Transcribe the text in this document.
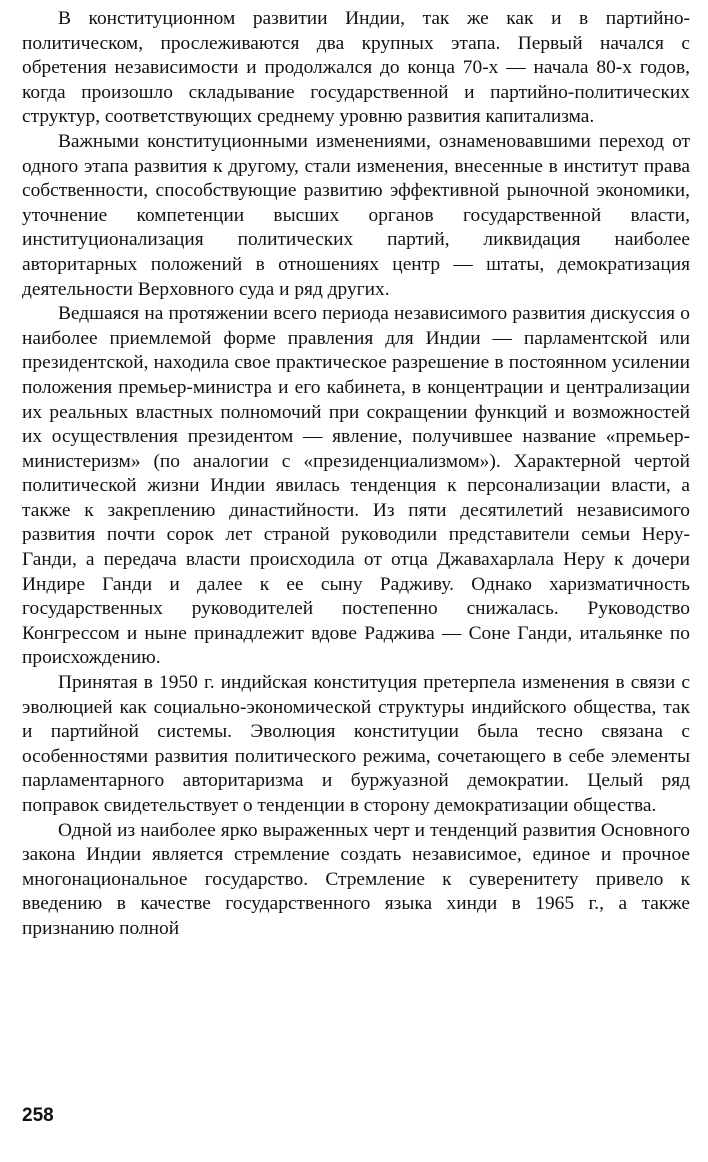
В конституционном развитии Индии, так же как и в партийно-политическом, прослеживаются два крупных этапа. Первый начался с обретения независимости и продолжался до конца 70-х — начала 80-х годов, когда произошло складывание государственной и партийно-политических структур, соответствующих среднему уровню развития капитализма.

Важными конституционными изменениями, ознаменовавшими переход от одного этапа развития к другому, стали изменения, внесенные в институт права собственности, способствующие развитию эффективной рыночной экономики, уточнение компетенции высших органов государственной власти, институционализация политических партий, ликвидация наиболее авторитарных положений в отношениях центр — штаты, демократизация деятельности Верховного суда и ряд других.

Ведшаяся на протяжении всего периода независимого развития дискуссия о наиболее приемлемой форме правления для Индии — парламентской или президентской, находила свое практическое разрешение в постоянном усилении положения премьер-министра и его кабинета, в концентрации и централизации их реальных властных полномочий при сокращении функций и возможностей их осуществления президентом — явление, получившее название «премьер-министеризм» (по аналогии с «президенциализмом»). Характерной чертой политической жизни Индии явилась тенденция к персонализации власти, а также к закреплению династийности. Из пяти десятилетий независимого развития почти сорок лет страной руководили представители семьи Неру-Ганди, а передача власти происходила от отца Джавахарлала Неру к дочери Индире Ганди и далее к ее сыну Радживу. Однако харизматичность государственных руководителей постепенно снижалась. Руководство Конгрессом и ныне принадлежит вдове Раджива — Соне Ганди, итальянке по происхождению.

Принятая в 1950 г. индийская конституция претерпела изменения в связи с эволюцией как социально-экономической структуры индийского общества, так и партийной системы. Эволюция конституции была тесно связана с особенностями развития политического режима, сочетающего в себе элементы парламентарного авторитаризма и буржуазной демократии. Целый ряд поправок свидетельствует о тенденции в сторону демократизации общества.

Одной из наиболее ярко выраженных черт и тенденций развития Основного закона Индии является стремление создать независимое, единое и прочное многонациональное государство. Стремление к суверенитету привело к введению в качестве государственного языка хинди в 1965 г., а также признанию полной

258
